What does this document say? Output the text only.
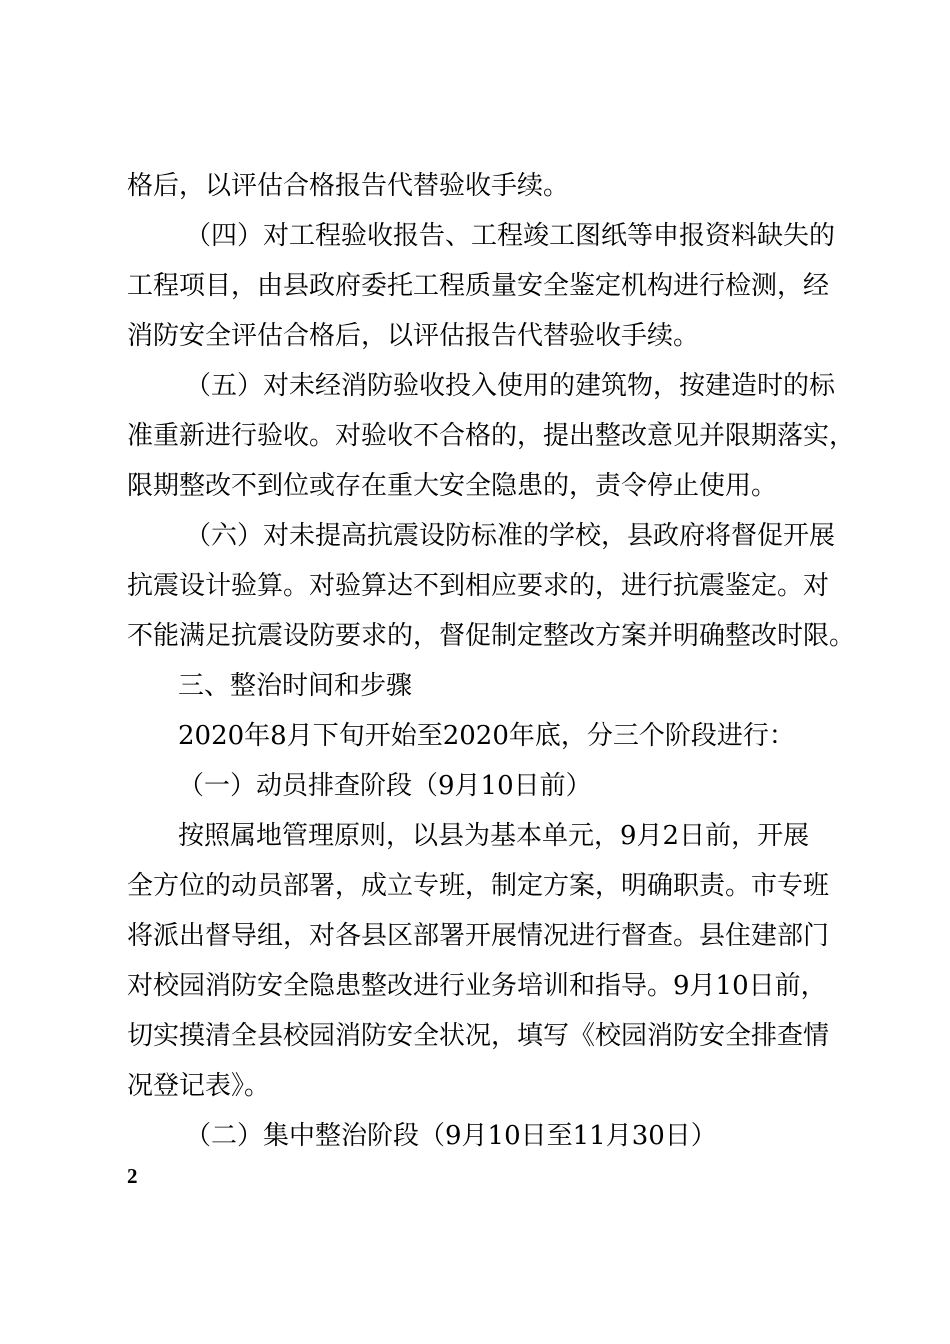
格后，以评估合格报告代替验收手续。

（四）对工程验收报告、工程竣工图纸等申报资料缺失的

工程项目，由县政府委托工程质量安全鉴定机构进行检测，经

消防安全评估合格后，以评估报告代替验收手续。

（五）对未经消防验收投入使用的建筑物，按建造时的标

准重新进行验收。对验收不合格的，提出整改意见并限期落实，

限期整改不到位或存在重大安全隐患的，责令停止使用。

（六）对未提高抗震设防标准的学校，县政府将督促开展

抗震设计验算。对验算达不到相应要求的，进行抗震鉴定。对

不能满足抗震设防要求的，督促制定整改方案并明确整改时限。

三、整治时间和步骤

2020年8月下旬开始至2020年底，分三个阶段进行：

（一）动员排查阶段（9月10日前）

按照属地管理原则，以县为基本单元，9月2日前，开展

全方位的动员部署，成立专班，制定方案，明确职责。市专班

将派出督导组，对各县区部署开展情况进行督查。县住建部门

对校园消防安全隐患整改进行业务培训和指导。9月10日前，

切实摸清全县校园消防安全状况，填写《校园消防安全排查情

况登记表》。

（二）集中整治阶段（9月10日至11月30日）

2
